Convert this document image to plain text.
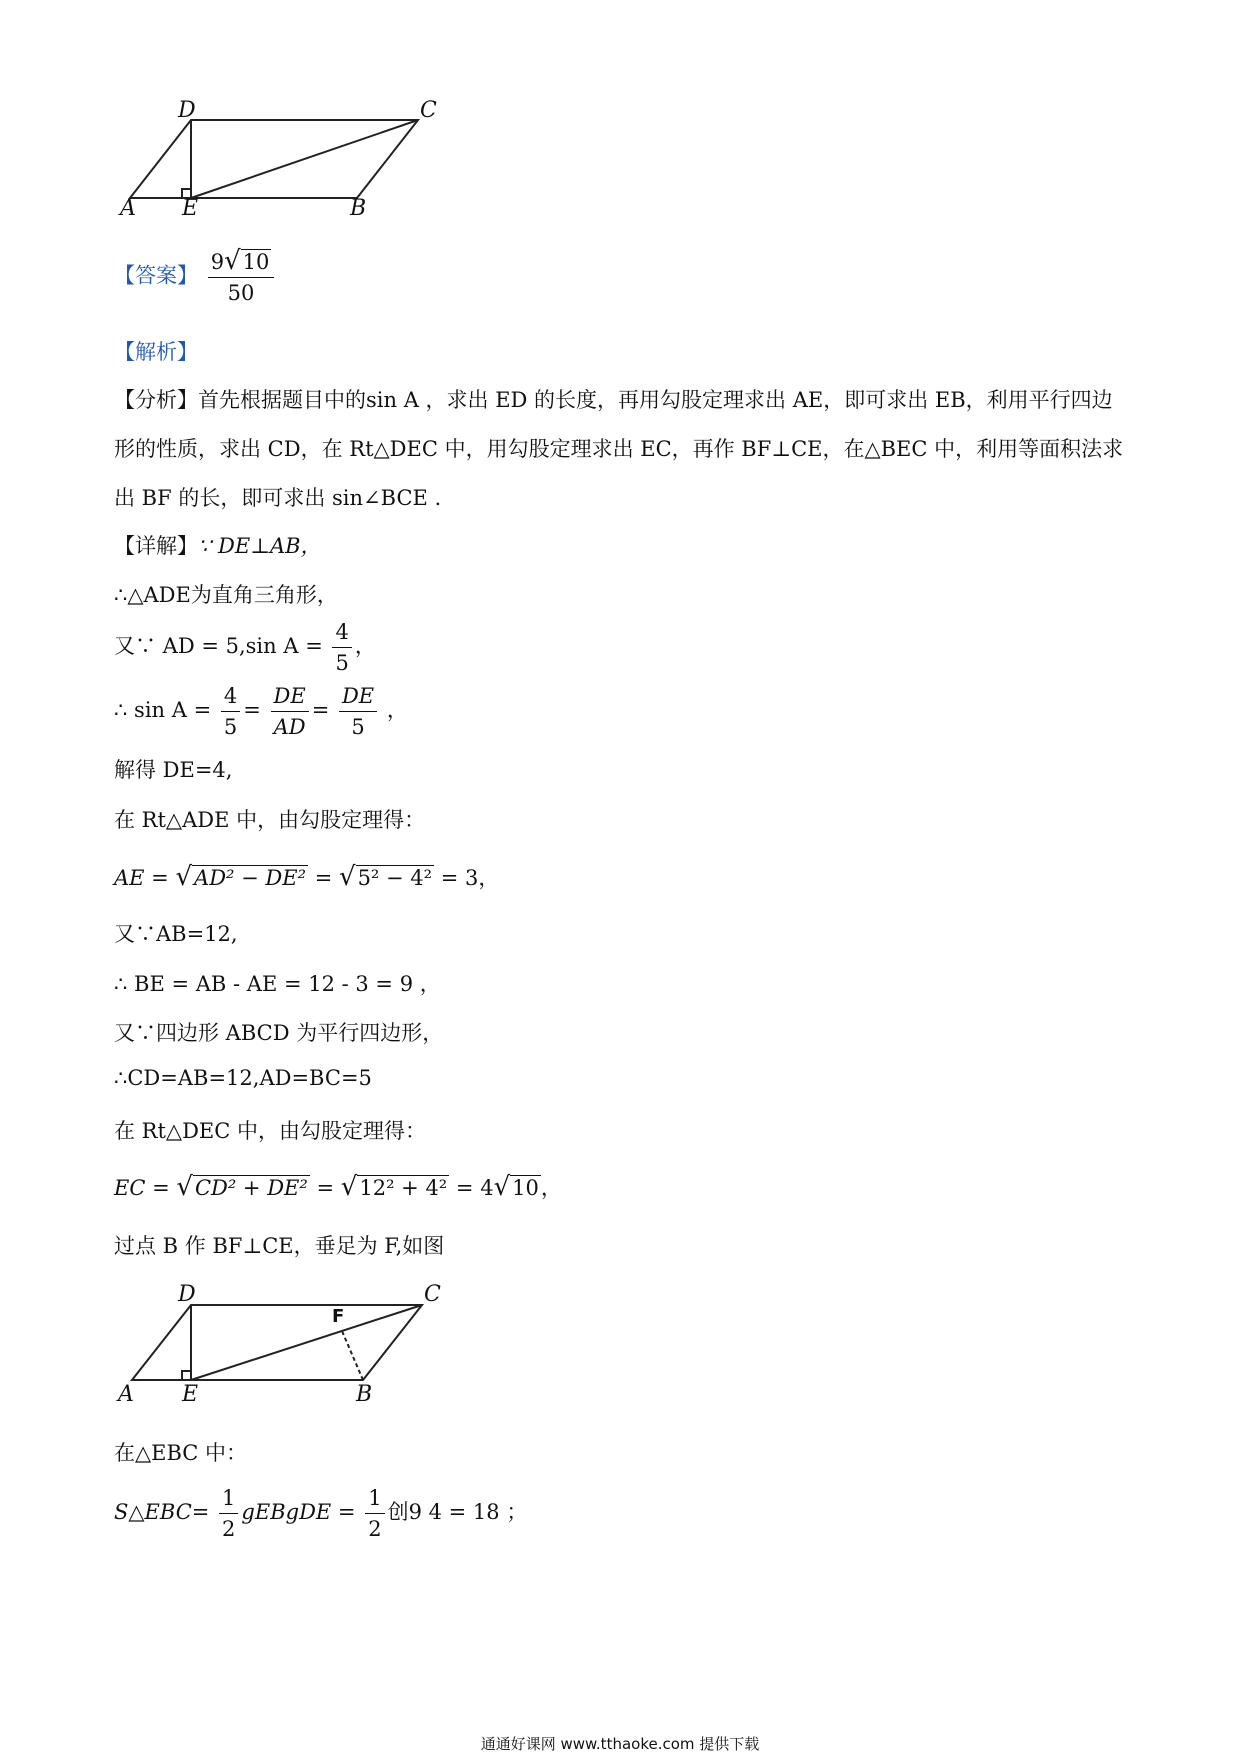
D	C
A E	B
【答案】 $\frac{9√10}{50}$
【解析】
【分析】首先根据题目中的sin A ，求出 ED 的长度，再用勾股定理求出 AE，即可求出 EB，利用平行四边
形的性质，求出 CD，在 Rt△DEC 中，用勾股定理求出 EC，再作 BF⊥CE，在△BEC 中，利用等面积法求
出 BF 的长，即可求出 sin∠BCE .
【详解】∵ DE⊥AB，
∴△ADE为直角三角形，
又∵ AD = 5,sin $A = \frac{4}{5}$ ，
∴ $\sin A = \frac{4}{5} = \frac{DE}{AD} = \frac{DE}{5}$ ，
解得 DE=4,
在 Rt△ADE 中，由勾股定理得：
AE = √AD² − DE² = √5² − 4² = 3，
又∵AB=12,
∴ BE = AB - AE = 12 - 3 = 9 ，
又∵四边形 ABCD 为平行四边形，
∴CD=AB=12,AD=BC=5
在 Rt△DEC 中，由勾股定理得：
EC = √CD² + DE² = √12² + 4² = 4√10，
过点 B 作 BF⊥CE，垂足为 F,如图
D	C
F
A E	B
在△EBC 中：
S△EBC= $\frac{1}{2}$ gEBgDE = $\frac{1}{2}$ 创9 4 = 18 ；
通通好课网 www.tthaoke.com 提供下载
